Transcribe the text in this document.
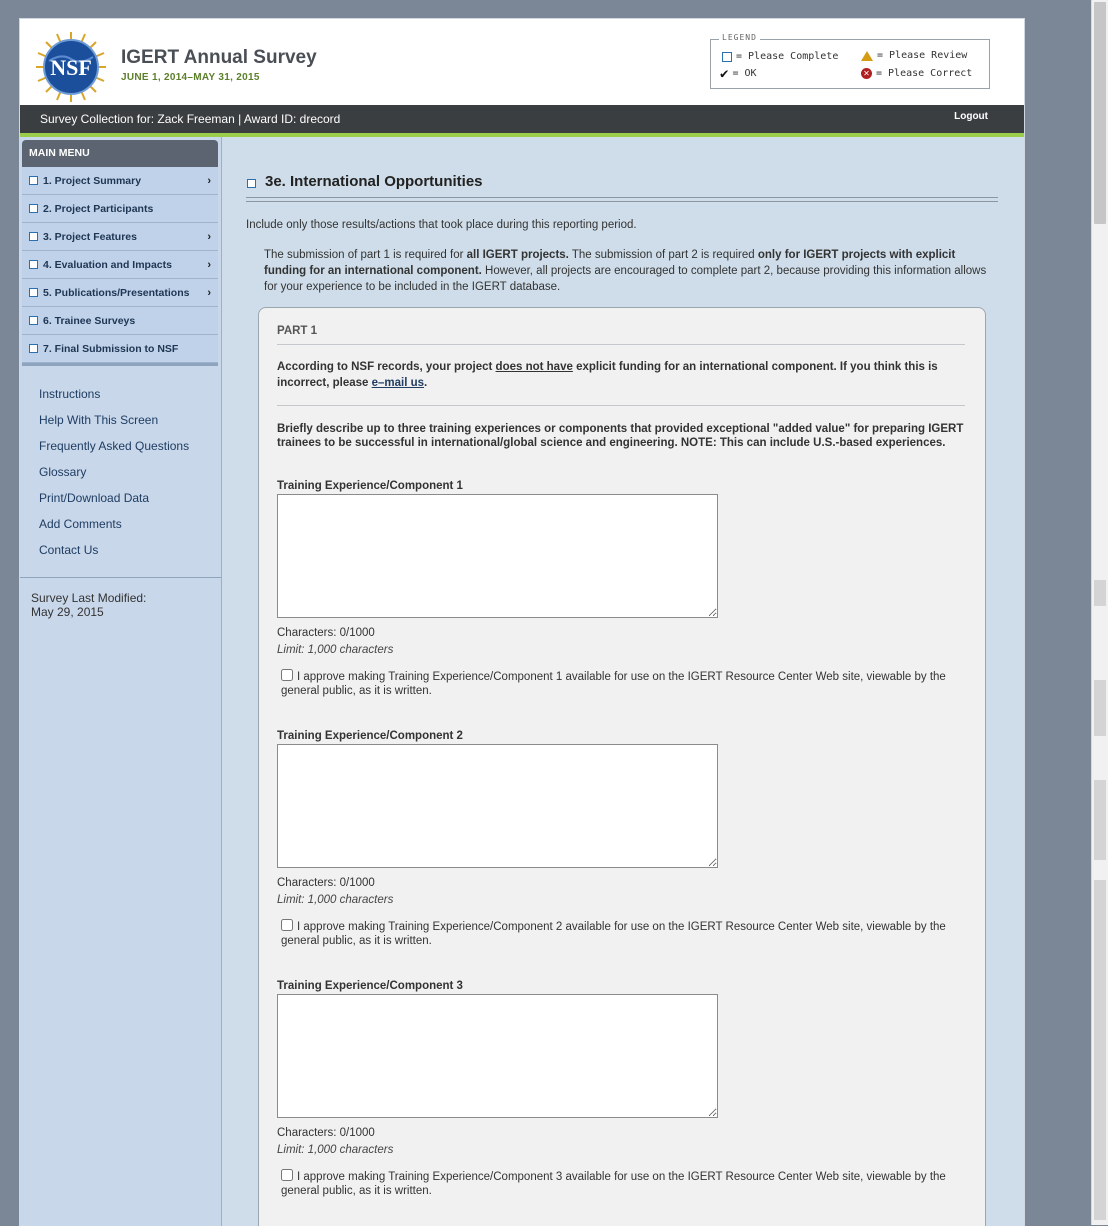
NSF IGERT Annual Survey
JUNE 1, 2014–MAY 31, 2015
LEGEND
= Please Complete	= Please Review
✔ = OK	✕ = Please Correct
Survey Collection for: Zack Freeman | Award ID: drecord	Logout
MAIN MENU
1. Project Summary	›
2. Project Participants
3. Project Features	›
4. Evaluation and Impacts	›
5. Publications/Presentations ›
6. Trainee Surveys
7. Final Submission to NSF
Instructions
Help With This Screen
Frequently Asked Questions
Glossary
Print/Download Data
Add Comments
Contact Us
Survey Last Modified:
May 29, 2015
3e. International Opportunities
Include only those results/actions that took place during this reporting period.
The submission of part 1 is required for all IGERT projects. The submission of part 2 is required only for IGERT projects with explicit funding for an international component. However, all projects are encouraged to complete part 2, because providing this information allows for your experience to be included in the IGERT database.
PART 1
According to NSF records, your project does not have explicit funding for an international component. If you think this is incorrect, please e–mail us.
Briefly describe up to three training experiences or components that provided exceptional "added value" for preparing IGERT trainees to be successful in international/global science and engineering. NOTE: This can include U.S.-based experiences.
Training Experience/Component 1
Characters: 0/1000
Limit: 1,000 characters
I approve making Training Experience/Component 1 available for use on the IGERT Resource Center Web site, viewable by the general public, as it is written.
Training Experience/Component 2
Characters: 0/1000
Limit: 1,000 characters
I approve making Training Experience/Component 2 available for use on the IGERT Resource Center Web site, viewable by the general public, as it is written.
Training Experience/Component 3
Characters: 0/1000
Limit: 1,000 characters
I approve making Training Experience/Component 3 available for use on the IGERT Resource Center Web site, viewable by the general public, as it is written.
